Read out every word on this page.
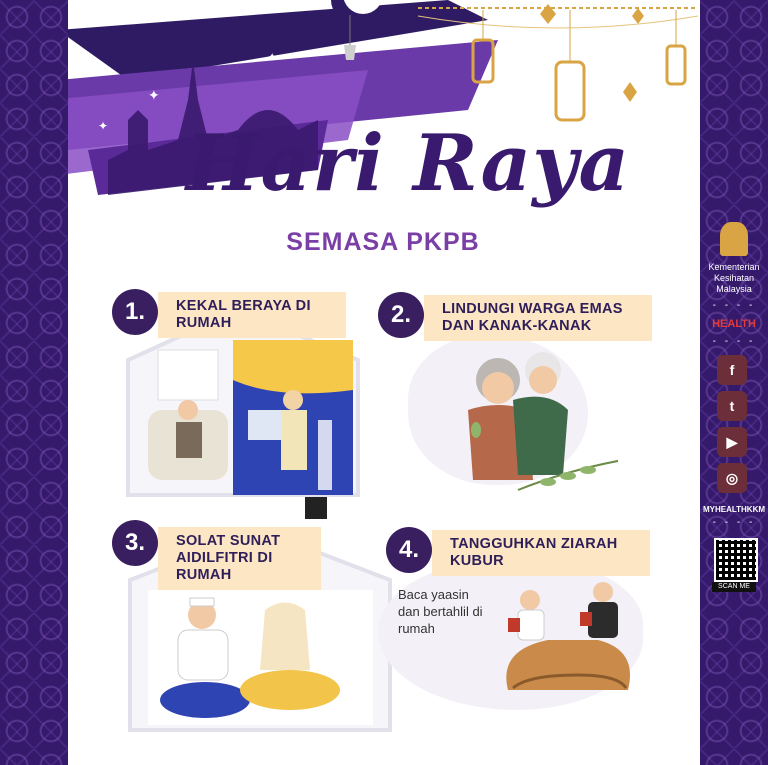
✦
✦
✦
Hari Raya
SEMASA PKPB
1.	KEKAL BERAYA DI RUMAH	2.	LINDUNGI WARGA EMAS DAN KANAK-KANAK
3.	SOLAT SUNAT AIDILFITRI DI RUMAH
4.	TANGGUHKAN ZIARAH KUBUR
Baca yaasin dan bertahlil di rumah
Kementerian Kesihatan Malaysia
- - - -
HEALTH
- - - -
f
t
▶
◎
MYHEALTHKKM
- - - -
SCAN ME
